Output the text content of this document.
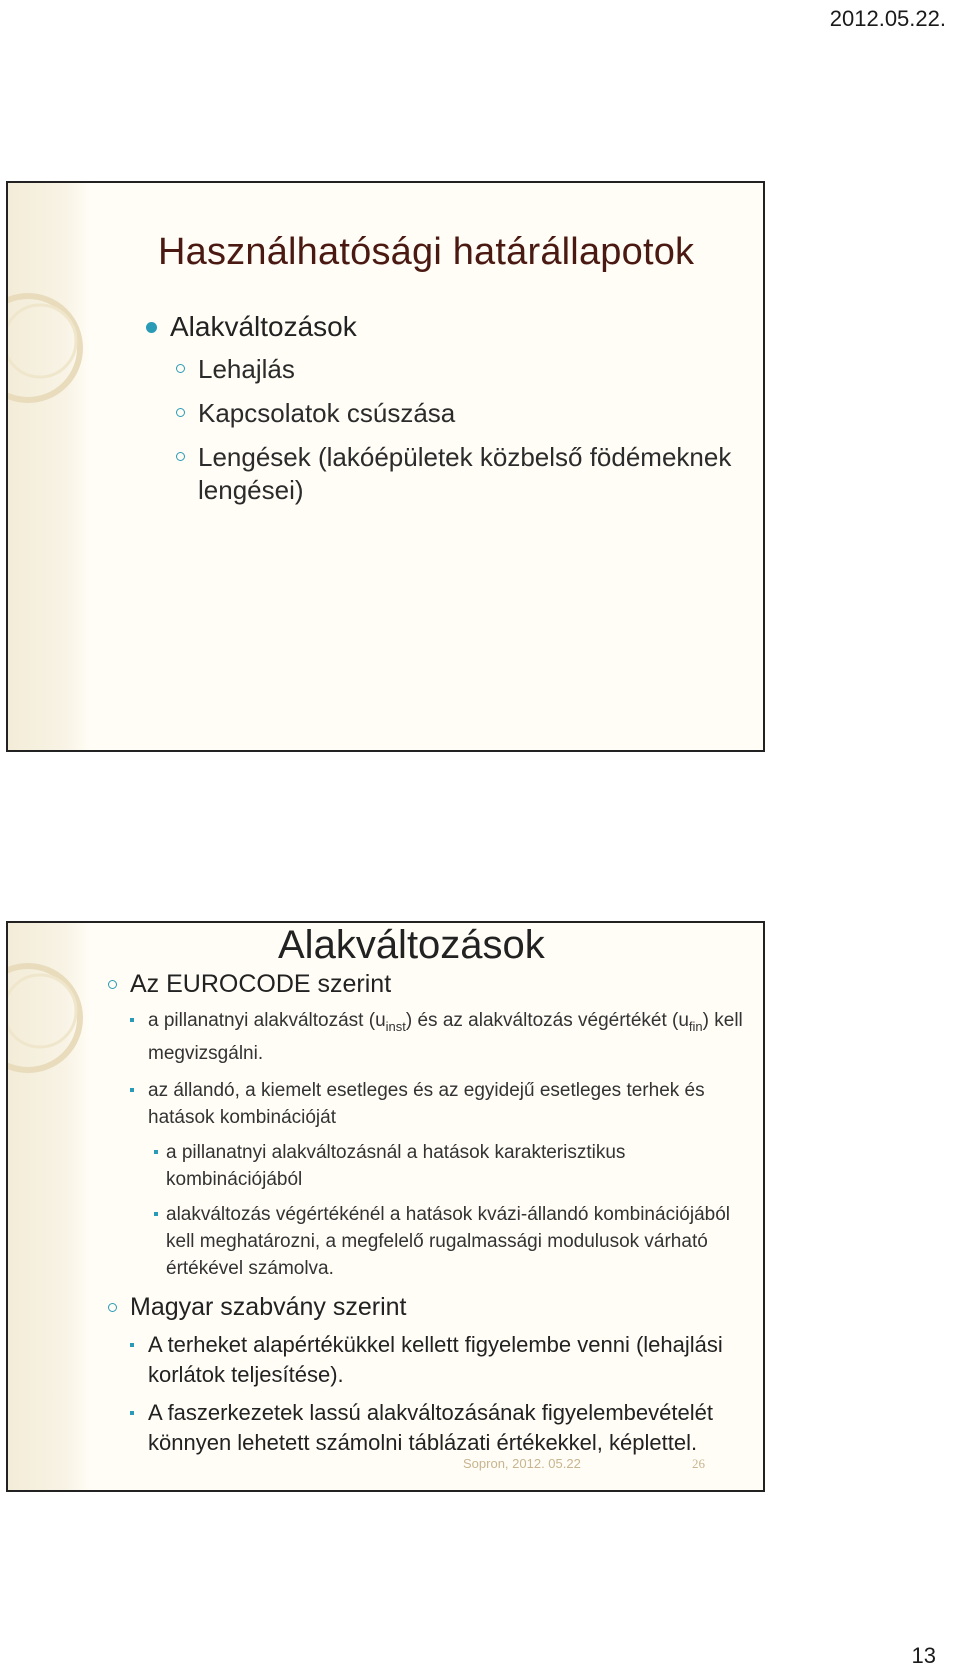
2012.05.22.
Használhatósági határállapotok
Alakváltozások
Lehajlás
Kapcsolatok csúszása
Lengések (lakóépületek közbelső födémeknek lengései)
Alakváltozások
Az EUROCODE szerint
a pillanatnyi alakváltozást $(u_{inst})$ és az alakváltozás végértékét $(u_{fin})$ kell megvizsgálni.
az állandó, a kiemelt esetleges és az egyidejű esetleges terhek és hatások kombinációját
a pillanatnyi alakváltozásnál a hatások karakterisztikus kombinációjából
alakváltozás végértékénél a hatások kvázi-állandó kombinációjából kell meghatározni, a megfelelő rugalmassági modulusok várható értékével számolva.
Magyar szabvány szerint
A terheket alapértékükkel kellett figyelembe venni (lehajlási korlátok teljesítése).
A faszerkezetek lassú alakváltozásának figyelembevételét könnyen lehetett számolni táblázati értékekkel, képlettel.
Sopron, 2012. 05.22	26
13
